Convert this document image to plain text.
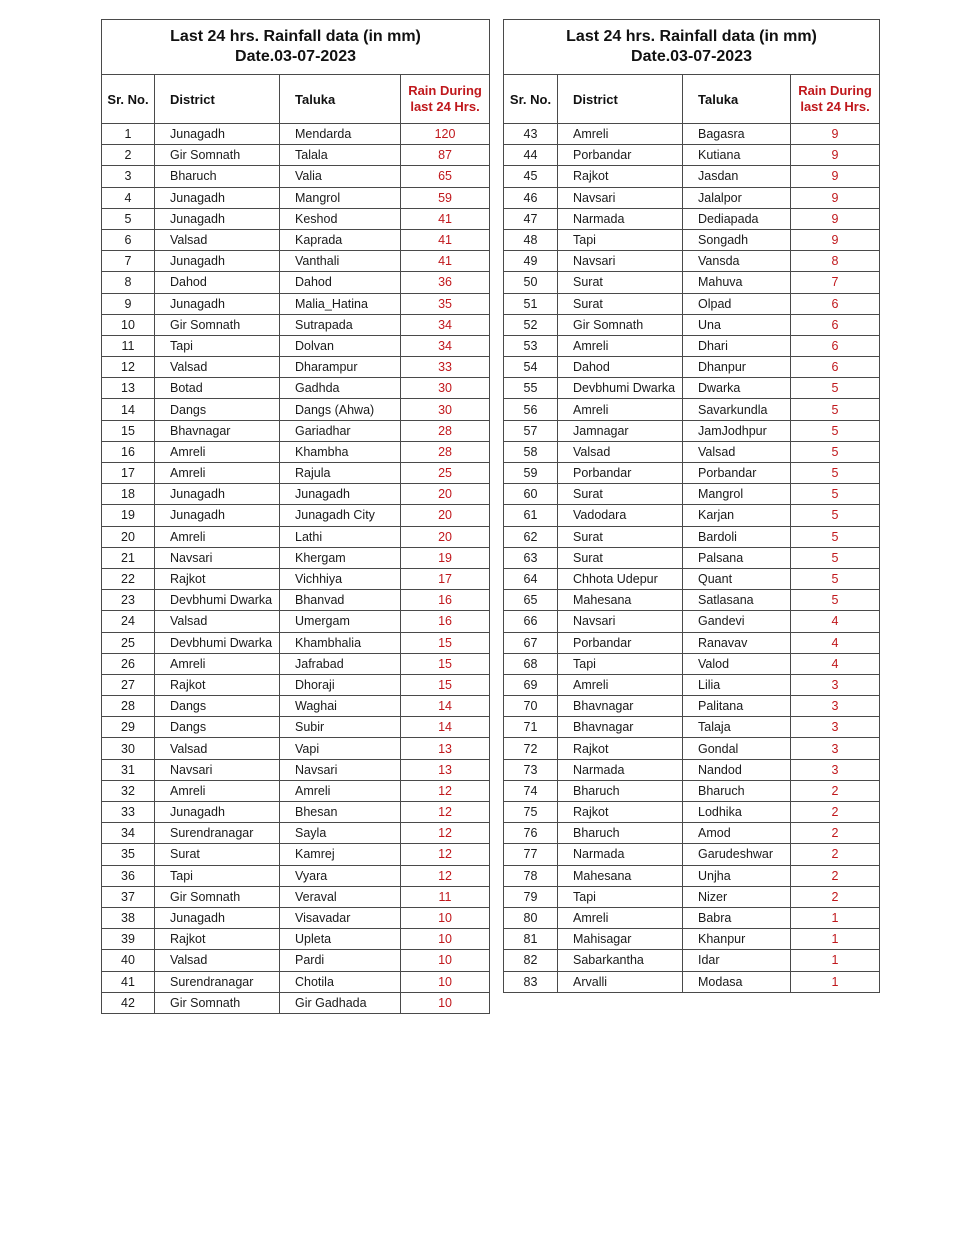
Last 24 hrs. Rainfall data (in mm)
Date.03-07-2023			

Sr. No.	District	Taluka	Rain During
last 24 Hrs.

1	Junagadh	Mendarda	120
2	Gir Somnath	Talala	87
3	Bharuch	Valia	65
4	Junagadh	Mangrol	59
5	Junagadh	Keshod	41
6	Valsad	Kaprada	41
7	Junagadh	Vanthali	41
8	Dahod	Dahod	36
9	Junagadh	Malia_Hatina	35
10	Gir Somnath	Sutrapada	34
11	Tapi	Dolvan	34
12	Valsad	Dharampur	33
13	Botad	Gadhda	30
14	Dangs	Dangs (Ahwa)	30
15	Bhavnagar	Gariadhar	28
16	Amreli	Khambha	28
17	Amreli	Rajula	25
18	Junagadh	Junagadh	20
19	Junagadh	Junagadh City	20
20	Amreli	Lathi	20
21	Navsari	Khergam	19
22	Rajkot	Vichhiya	17
23	Devbhumi Dwarka	Bhanvad	16
24	Valsad	Umergam	16
25	Devbhumi Dwarka	Khambhalia	15
26	Amreli	Jafrabad	15
27	Rajkot	Dhoraji	15
28	Dangs	Waghai	14
29	Dangs	Subir	14
30	Valsad	Vapi	13
31	Navsari	Navsari	13
32	Amreli	Amreli	12
33	Junagadh	Bhesan	12
34	Surendranagar	Sayla	12
35	Surat	Kamrej	12
36	Tapi	Vyara	12
37	Gir Somnath	Veraval	11
38	Junagadh	Visavadar	10
39	Rajkot	Upleta	10
40	Valsad	Pardi	10
41	Surendranagar	Chotila	10
42	Gir Somnath	Gir Gadhada	10
Last 24 hrs. Rainfall data (in mm)
Date.03-07-2023			

Sr. No.	District	Taluka	Rain During
last 24 Hrs.

43	Amreli	Bagasra	9
44	Porbandar	Kutiana	9
45	Rajkot	Jasdan	9
46	Navsari	Jalalpor	9
47	Narmada	Dediapada	9
48	Tapi	Songadh	9
49	Navsari	Vansda	8
50	Surat	Mahuva	7
51	Surat	Olpad	6
52	Gir Somnath	Una	6
53	Amreli	Dhari	6
54	Dahod	Dhanpur	6
55	Devbhumi Dwarka	Dwarka	5
56	Amreli	Savarkundla	5
57	Jamnagar	JamJodhpur	5
58	Valsad	Valsad	5
59	Porbandar	Porbandar	5
60	Surat	Mangrol	5
61	Vadodara	Karjan	5
62	Surat	Bardoli	5
63	Surat	Palsana	5
64	Chhota Udepur	Quant	5
65	Mahesana	Satlasana	5
66	Navsari	Gandevi	4
67	Porbandar	Ranavav	4
68	Tapi	Valod	4
69	Amreli	Lilia	3
70	Bhavnagar	Palitana	3
71	Bhavnagar	Talaja	3
72	Rajkot	Gondal	3
73	Narmada	Nandod	3
74	Bharuch	Bharuch	2
75	Rajkot	Lodhika	2
76	Bharuch	Amod	2
77	Narmada	Garudeshwar	2
78	Mahesana	Unjha	2
79	Tapi	Nizer	2
80	Amreli	Babra	1
81	Mahisagar	Khanpur	1
82	Sabarkantha	Idar	1
83	Arvalli	Modasa	1
